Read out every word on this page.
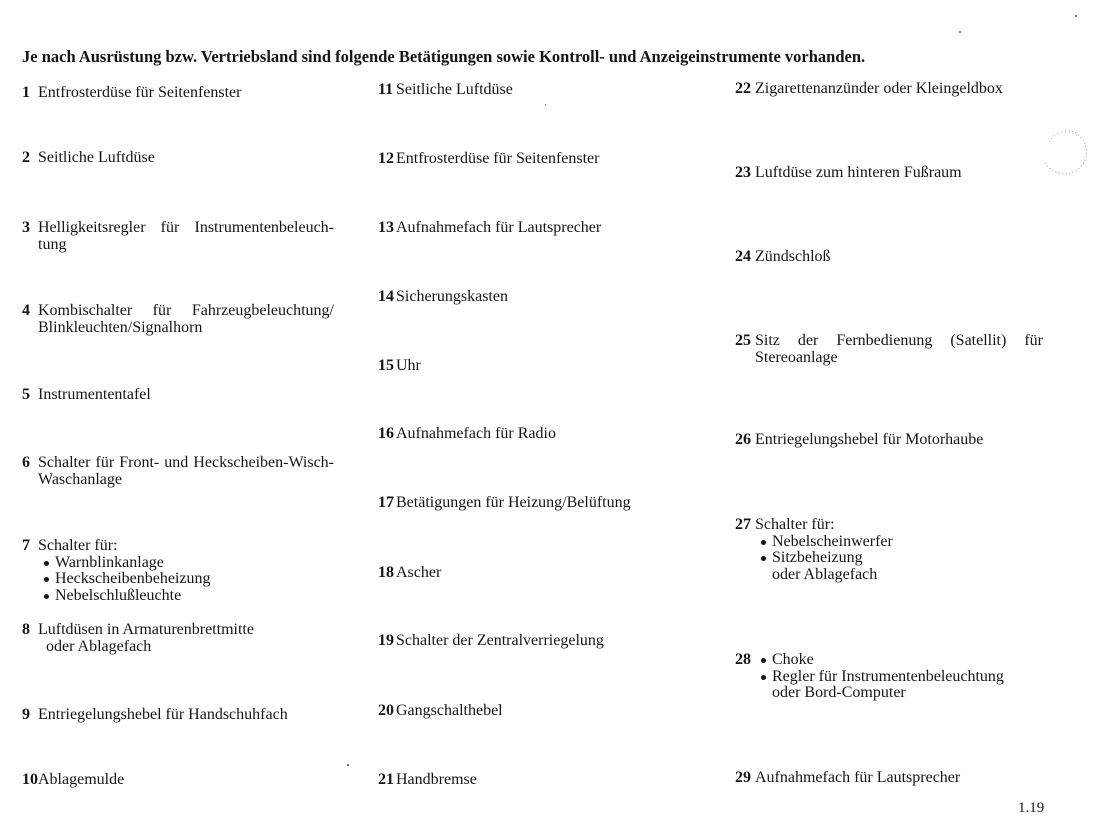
Je nach Ausrüstung bzw. Vertriebsland sind folgende Betätigungen sowie Kontroll- und Anzeigeinstrumente vorhanden.
1 Entfrosterdüse für Seitenfenster
2 Seitliche Luftdüse
3 Helligkeitsregler für Instrumentenbeleuch-
tung
4 Kombischalter für Fahrzeugbeleuchtung/
Blinkleuchten/Signalhorn
5 Instrumententafel
6 Schalter für Front- und Heckscheiben-Wisch-
Waschanlage
7 Schalter für:
Warnblinkanlage
Heckscheibenbeheizung
Nebelschlußleuchte
8 Luftdüsen in Armaturenbrettmitte
oder Ablagefach
9 Entriegelungshebel für Handschuhfach
10 Ablagemulde
11 Seitliche Luftdüse
12 Entfrosterdüse für Seitenfenster
13 Aufnahmefach für Lautsprecher
14 Sicherungskasten
15 Uhr
16 Aufnahmefach für Radio
17 Betätigungen für Heizung/Belüftung
18 Ascher
19 Schalter der Zentralverriegelung
20 Gangschalthebel
21 Handbremse
22 Zigarettenanzünder oder Kleingeldbox
23 Luftdüse zum hinteren Fußraum
24 Zündschloß
25 Sitz der Fernbedienung (Satellit) für
Stereoanlage
26 Entriegelungshebel für Motorhaube
27 Schalter für:
Nebelscheinwerfer
Sitzbeheizung
oder Ablagefach
28	Choke
Regler für Instrumentenbeleuchtung
oder Bord-Computer
29 Aufnahmefach für Lautsprecher
1.19
